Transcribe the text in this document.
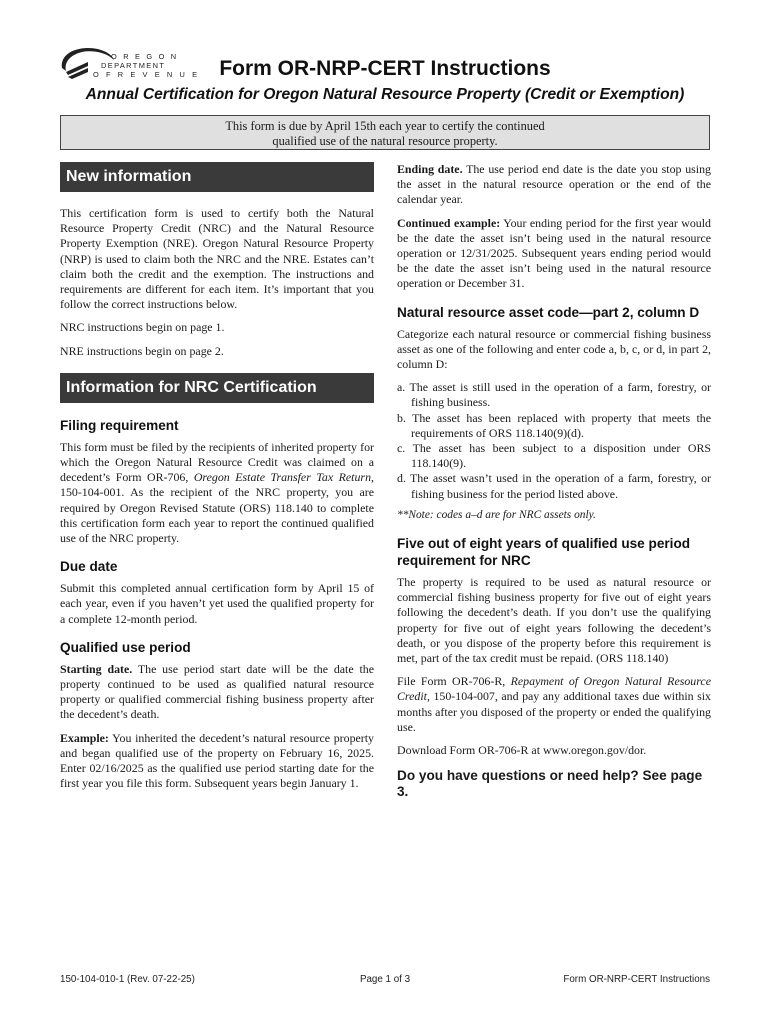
O R E G O N
DEPARTMENT
O F R E V E N U E Form OR-NRP-CERT Instructions
Annual Certification for Oregon Natural Resource Property (Credit or Exemption)
This form is due by April 15th each year to certify the continued
qualified use of the natural resource property.
New information

This certification form is used to certify both the Natural Resource Property Credit (NRC) and the Natural Resource Property Exemption (NRE). Oregon Natural Resource Property (NRP) is used to claim both the NRC and the NRE. Estates can’t claim both the credit and the exemption. The instructions and requirements are different for each item. It’s important that you follow the correct instructions below.

NRC instructions begin on page 1.

NRE instructions begin on page 2.

Information for NRC Certification
Filing requirement

This form must be filed by the recipients of inherited property for which the Oregon Natural Resource Credit was claimed on a decedent’s Form OR-706, Oregon Estate Transfer Tax Return, 150-104-001. As the recipient of the NRC property, you are required by Oregon Revised Statute (ORS) 118.140 to complete this certification form each year to report the continued qualified use of the NRC property.

Due date

Submit this completed annual certification form by April 15 of each year, even if you haven’t yet used the qualified property for a complete 12-month period.

Qualified use period

Starting date. The use period start date will be the date the property continued to be used as qualified natural resource property or qualified commercial fishing business property after the decedent’s death.

Example: You inherited the decedent’s natural resource property and began qualified use of the property on February 16, 2025. Enter 02/16/2025 as the qualified use period starting date for the first year you file this form. Subsequent years begin January 1.

Ending date. The use period end date is the date you stop using the asset in the natural resource operation or the end of the calendar year.

Continued example: Your ending period for the first year would be the date the asset isn’t being used in the natural resource operation or 12/31/2025. Subsequent years ending period would be the date the asset isn’t being used in the natural resource operation or December 31.

Natural resource asset code—part 2, column D

Categorize each natural resource or commercial fishing business asset as one of the following and enter code a, b, c, or d, in part 2, column D:

a. The asset is still used in the operation of a farm, forestry, or fishing business.
b. The asset has been replaced with property that meets the requirements of ORS 118.140(9)(d).
c. The asset has been subject to a disposition under ORS 118.140(9).
d. The asset wasn’t used in the operation of a farm, forestry, or fishing business for the period listed above.
**Note: codes a–d are for NRC assets only.
Five out of eight years of qualified use period requirement for NRC

The property is required to be used as natural resource or commercial fishing business property for five out of eight years following the decedent’s death. If you don’t use the qualifying property for five out of eight years following the decedent’s death, or you dispose of the property before this requirement is met, part of the tax credit must be repaid. (ORS 118.140)

File Form OR-706-R, Repayment of Oregon Natural Resource Credit, 150-104-007, and pay any additional taxes due within six months after you disposed of the property or ended the qualifying use.

Download Form OR-706-R at www.oregon.gov/dor.

Do you have questions or need help? See page 3.
150-104-010-1 (Rev. 07-22-25)	Page 1 of 3	Form OR-NRP-CERT Instructions
